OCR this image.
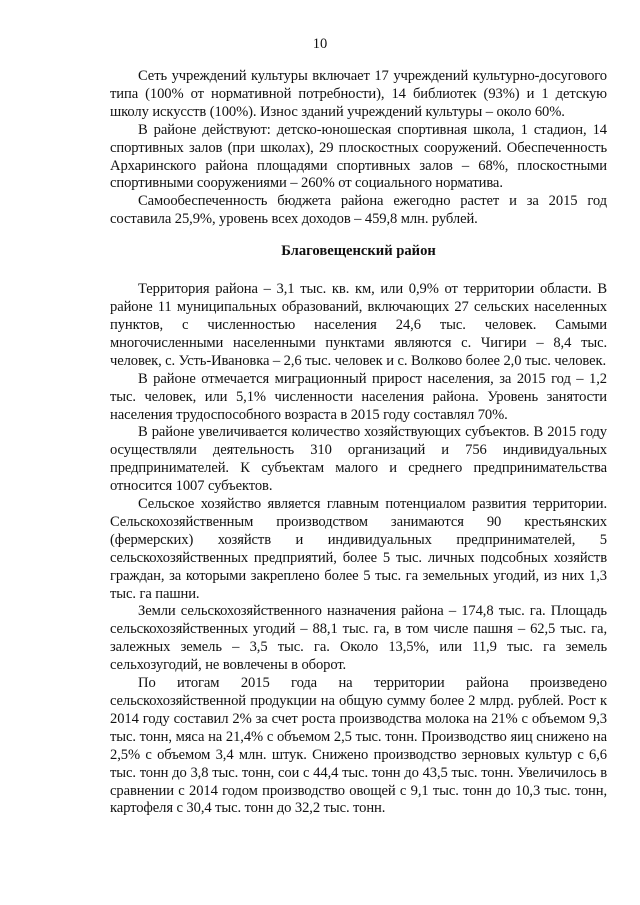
10

Сеть учреждений культуры включает 17 учреждений культурно-досугового типа (100% от нормативной потребности), 14 библиотек (93%) и 1 детскую школу искусств (100%). Износ зданий учреждений культуры – около 60%.

В районе действуют: детско-юношеская спортивная школа, 1 стадион, 14 спортивных залов (при школах), 29 плоскостных сооружений. Обеспеченность Архаринского района площадями спортивных залов – 68%, плоскостными спортивными сооружениями – 260% от социального норматива.

Самообеспеченность бюджета района ежегодно растет и за 2015 год составила 25,9%, уровень всех доходов – 459,8 млн. рублей.

Благовещенский район

Территория района – 3,1 тыс. кв. км, или 0,9% от территории области. В районе 11 муниципальных образований, включающих 27 сельских населенных пунктов, с численностью населения 24,6 тыс. человек. Самыми многочисленными населенными пунктами являются с. Чигири – 8,4 тыс. человек, с. Усть-Ивановка – 2,6 тыс. человек и с. Волково более 2,0 тыс. человек.

В районе отмечается миграционный прирост населения, за 2015 год – 1,2 тыс. человек, или 5,1% численности населения района. Уровень занятости населения трудоспособного возраста в 2015 году составлял 70%.

В районе увеличивается количество хозяйствующих субъектов. В 2015 году осуществляли деятельность 310 организаций и 756 индивидуальных предпринимателей. К субъектам малого и среднего предпринимательства относится 1007 субъектов.

Сельское хозяйство является главным потенциалом развития территории. Сельскохозяйственным производством занимаются 90 крестьянских (фермерских) хозяйств и индивидуальных предпринимателей, 5 сельскохозяйственных предприятий, более 5 тыс. личных подсобных хозяйств граждан, за которыми закреплено более 5 тыс. га земельных угодий, из них 1,3 тыс. га пашни.

Земли сельскохозяйственного назначения района – 174,8 тыс. га. Площадь сельскохозяйственных угодий – 88,1 тыс. га, в том числе пашня – 62,5 тыс. га, залежных земель – 3,5 тыс. га. Около 13,5%, или 11,9 тыс. га земель сельхозугодий, не вовлечены в оборот.

По итогам 2015 года на территории района произведено сельскохозяйственной продукции на общую сумму более 2 млрд. рублей. Рост к 2014 году составил 2% за счет роста производства молока на 21% с объемом 9,3 тыс. тонн, мяса на 21,4% с объемом 2,5 тыс. тонн. Производство яиц снижено на 2,5% с объемом 3,4 млн. штук. Снижено производство зерновых культур с 6,6 тыс. тонн до 3,8 тыс. тонн, сои с 44,4 тыс. тонн до 43,5 тыс. тонн. Увеличилось в сравнении с 2014 годом производство овощей с 9,1 тыс. тонн до 10,3 тыс. тонн, картофеля с 30,4 тыс. тонн до 32,2 тыс. тонн.
